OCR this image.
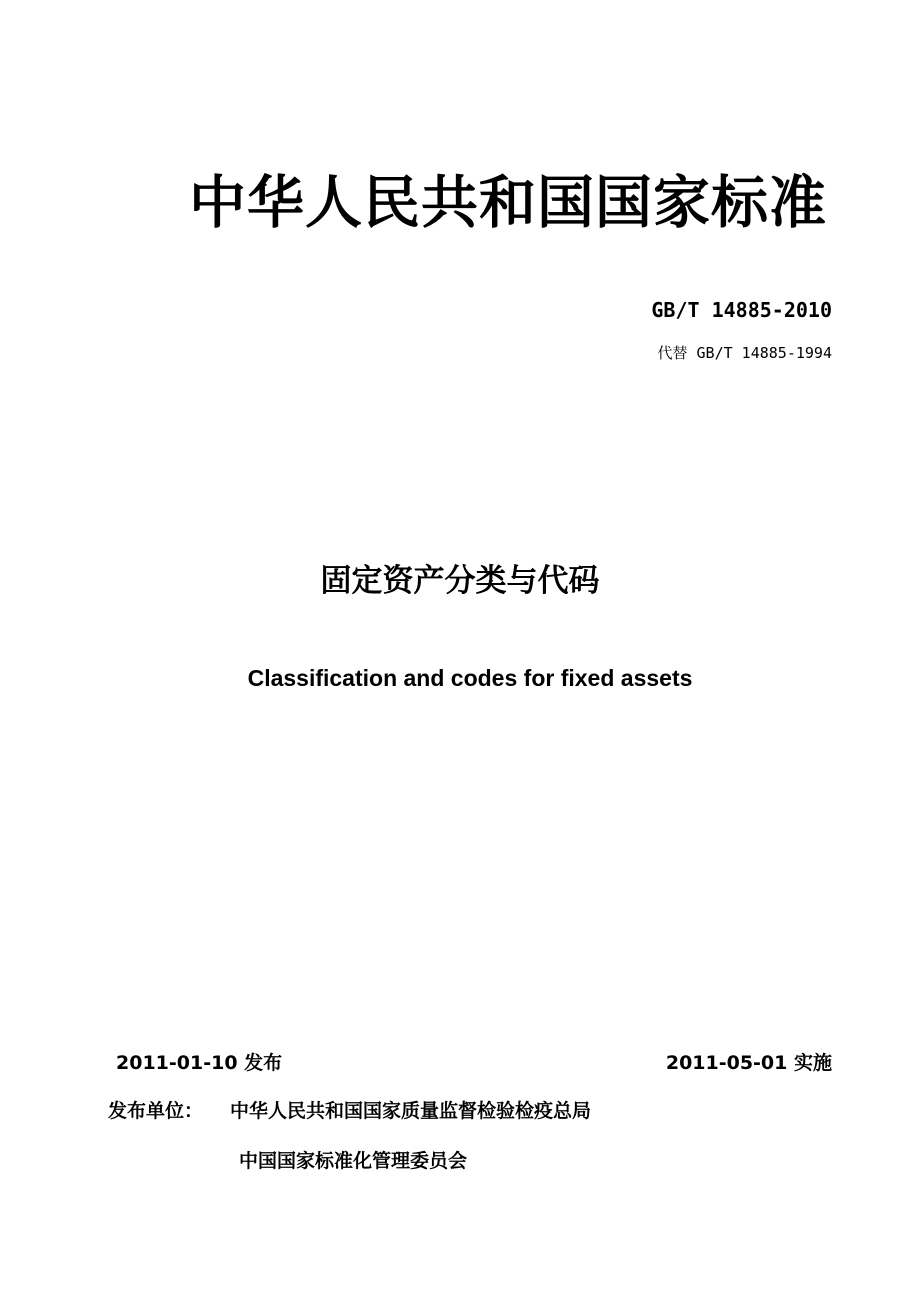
中华人民共和国国家标准
GB/T 14885-2010
代替 GB/T 14885-1994
固定资产分类与代码
Classification and codes for fixed assets
2011-01-10 发布	2011-05-01 实施
发布单位： 中华人民共和国国家质量监督检验检疫总局
中国国家标准化管理委员会
